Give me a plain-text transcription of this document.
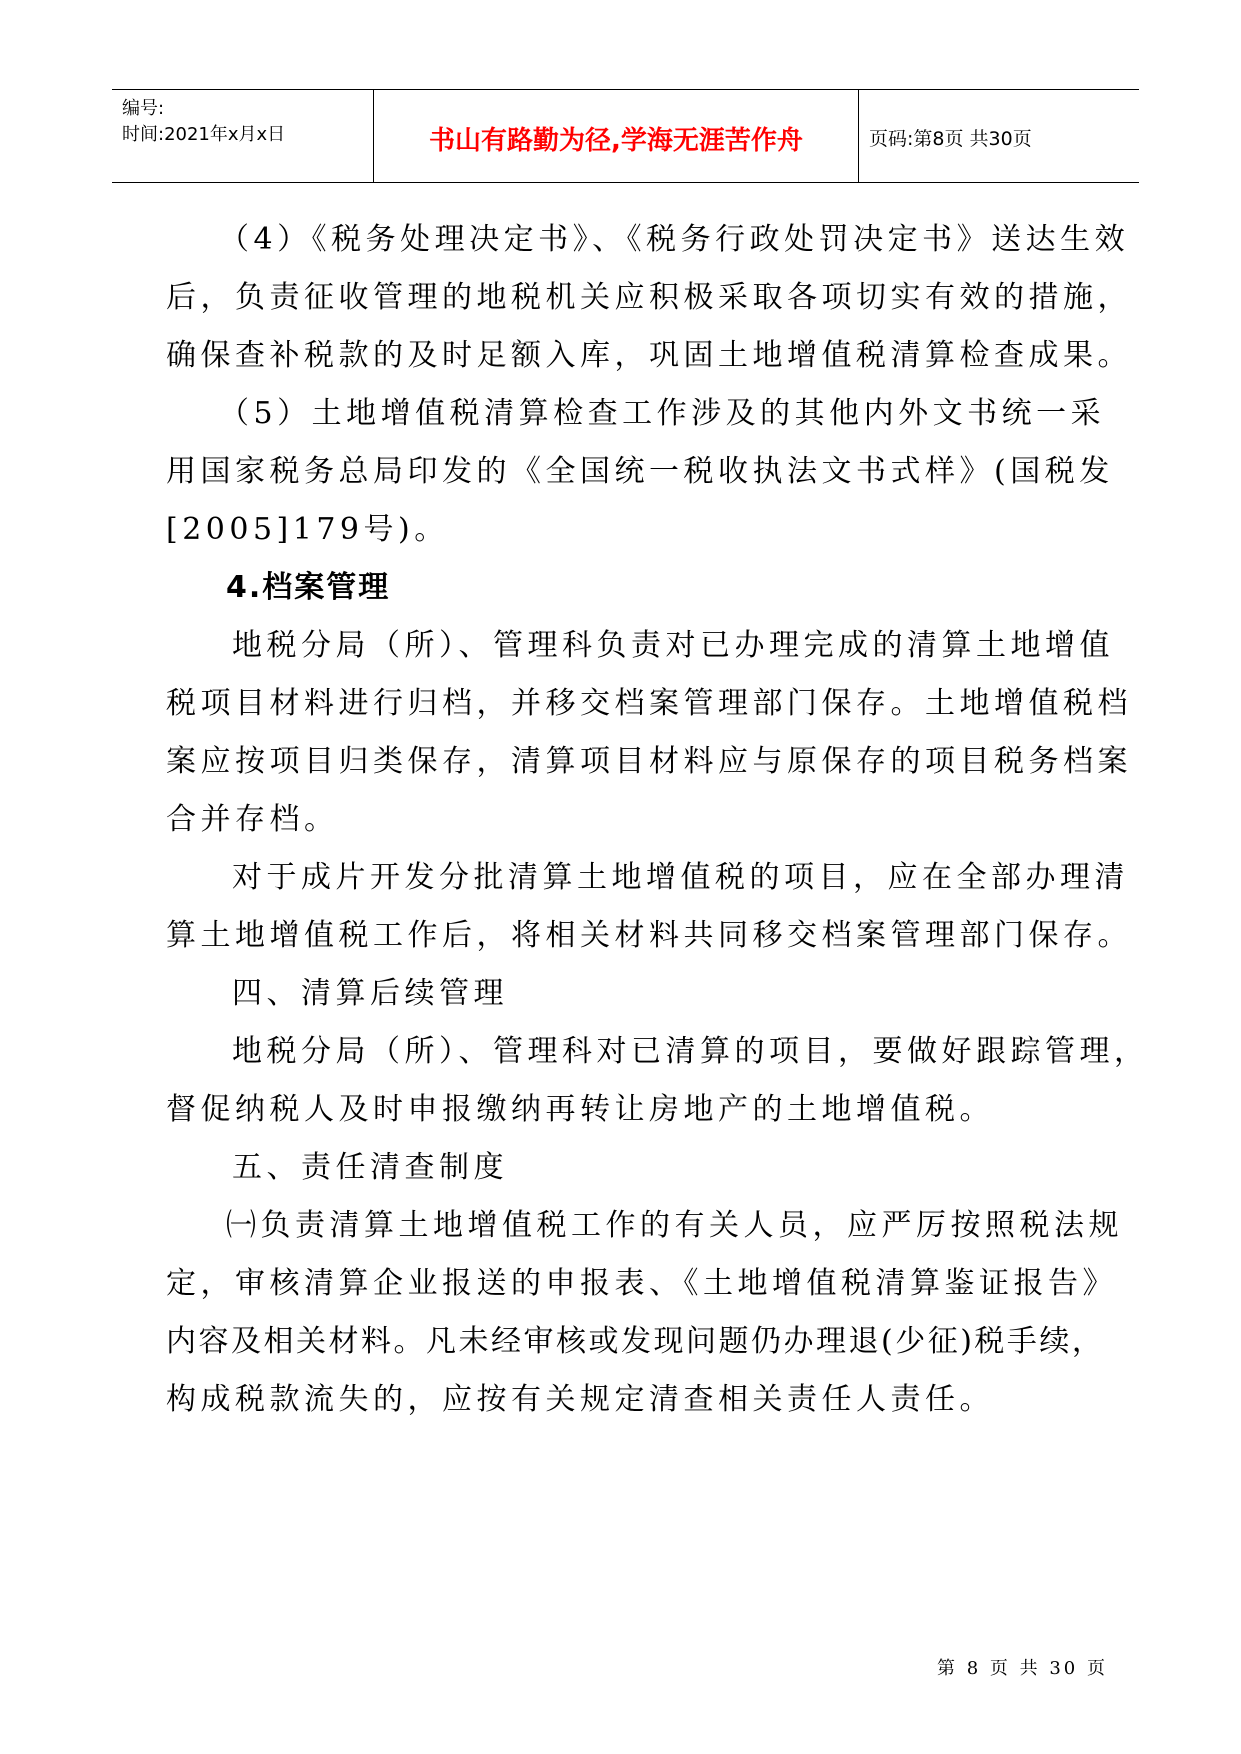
编号:
时间:2021年x月x日	书山有路勤为径,学海无涯苦作舟	页码:第8页 共30页
（4）《税务处理决定书》、《税务行政处罚决定书》送达生效
后，负责征收管理的地税机关应积极采取各项切实有效的措施，
确保查补税款的及时足额入库，巩固土地增值税清算检查成果。
（5）土地增值税清算检查工作涉及的其他内外文书统一采
用国家税务总局印发的《全国统一税收执法文书式样》(国税发
[2005]179号)。
4.档案管理
地税分局（所）、管理科负责对已办理完成的清算土地增值
税项目材料进行归档，并移交档案管理部门保存。土地增值税档
案应按项目归类保存，清算项目材料应与原保存的项目税务档案
合并存档。
对于成片开发分批清算土地增值税的项目，应在全部办理清
算土地增值税工作后，将相关材料共同移交档案管理部门保存。
四、清算后续管理
地税分局（所）、管理科对已清算的项目，要做好跟踪管理，
督促纳税人及时申报缴纳再转让房地产的土地增值税。
五、责任清查制度
㈠负责清算土地增值税工作的有关人员，应严厉按照税法规
定，审核清算企业报送的申报表、《土地增值税清算鉴证报告》
内容及相关材料。凡未经审核或发现问题仍办理退(少征)税手续，
构成税款流失的，应按有关规定清查相关责任人责任。
第 8 页 共 30 页
